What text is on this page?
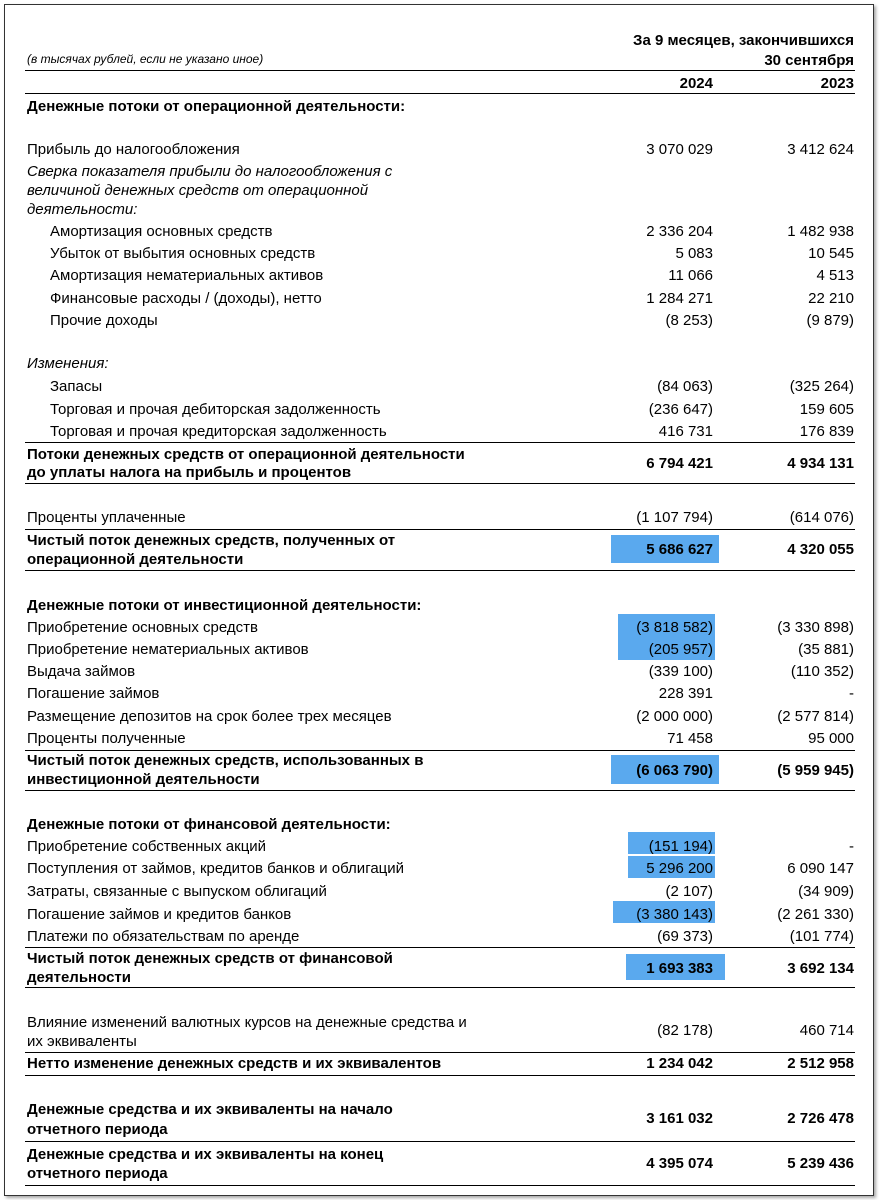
(в тысячах рублей, если не указано иное)
За 9 месяцев, закончившихся
30 сентября
2024	2023
Денежные потоки от операционной деятельности:
Прибыль до налогообложения	3 070 029	3 412 624
Сверка показателя прибыли до налогообложения с
величиной денежных средств от операционной
деятельности:
Амортизация основных средств	2 336 204	1 482 938
Убыток от выбытия основных средств	5 083	10 545
Амортизация нематериальных активов	11 066	4 513
Финансовые расходы / (доходы), нетто	1 284 271	22 210
Прочие доходы	(8 253)	(9 879)
Изменения:
Запасы	(84 063)	(325 264)
Торговая и прочая дебиторская задолженность	(236 647)	159 605
Торговая и прочая кредиторская задолженность	416 731	176 839
Потоки денежных средств от операционной деятельности
до уплаты налога на прибыль и процентов
6 794 421	4 934 131
Проценты уплаченные	(1 107 794)	(614 076)
Чистый поток денежных средств, полученных от
операционной деятельности
5 686 627	4 320 055
Денежные потоки от инвестиционной деятельности:
Приобретение основных средств	(3 818 582)	(3 330 898)
Приобретение нематериальных активов	(205 957)	(35 881)
Выдача займов	(339 100)	(110 352)
Погашение займов	228 391	-
Размещение депозитов на срок более трех месяцев	(2 000 000)	(2 577 814)
Проценты полученные	71 458	95 000
Чистый поток денежных средств, использованных в
инвестиционной деятельности
(6 063 790)	(5 959 945)
Денежные потоки от финансовой деятельности:
Приобретение собственных акций	(151 194)	-
Поступления от займов, кредитов банков и облигаций	5 296 200	6 090 147
Затраты, связанные с выпуском облигаций	(2 107)	(34 909)
Погашение займов и кредитов банков	(3 380 143)	(2 261 330)
Платежи по обязательствам по аренде	(69 373)	(101 774)
Чистый поток денежных средств от финансовой
деятельности
1 693 383	3 692 134
Влияние изменений валютных курсов на денежные средства и
их эквиваленты
(82 178)	460 714
Нетто изменение денежных средств и их эквивалентов	1 234 042	2 512 958
Денежные средства и их эквиваленты на начало
отчетного периода
3 161 032	2 726 478
Денежные средства и их эквиваленты на конец
отчетного периода
4 395 074	5 239 436
